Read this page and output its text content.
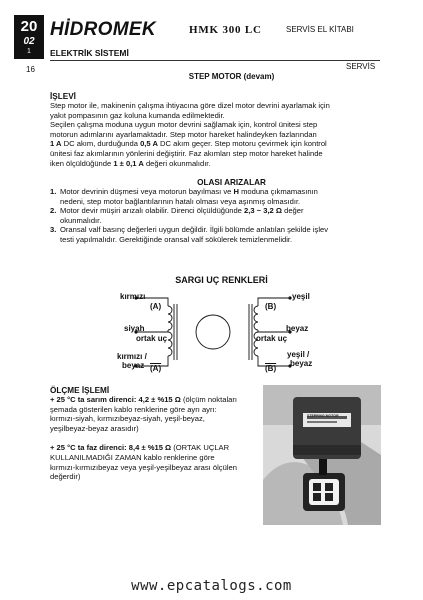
20
02
1
HİDROMEK	HMK 300 LC	SERVİS EL KİTABI
ELEKTRİK SİSTEMİ
16	SERVİS
STEP MOTOR (devam)
İŞLEVİ
Step motor ile, makinenin çalışma ihtiyacına göre dizel motor devrini ayarlamak için
yakıt pompasının gaz koluna kumanda edilmektedir.
Seçilen çalışma moduna uygun motor devrini sağlamak için, kontrol ünitesi step
motorun adımlarını ayarlamaktadır. Step motor hareket halindeyken fazlarından
1 A DC akım, durduğunda 0,5 A DC akım geçer. Step motoru çevirmek için kontrol
ünitesi faz akımlarının yönlerini değiştirir. Faz akımları step motor hareket halinde
iken ölçüldüğünde 1 ± 0,1 A değeri okunmalıdır.
OLASI ARIZALAR
1. Motor devrinin düşmesi veya motorun bayılması ve H moduna çıkmamasının
nedeni, step motor bağlantılarının hatalı olması veya aşınmış olmasıdır.
2. Motor devir müşiri arızalı olabilir. Direnci ölçüldüğünde 2,3 ~ 3,2 Ω değer
okunmalıdır.
3. Oransal valf basınç değerleri uygun değildir. İlgili bölümde anlatılan şekilde işlev
testi yapılmalıdır. Gerektiğinde oransal valf sökülerek temizlenmelidir.
SARGI UÇ RENKLERİ
kırmızı
(A)
siyah
ortak uç
kırmızı /
beyaz (A)
yeşil
(B)
beyaz
ortak uç
yeşil /
beyaz
(B)
ÖLÇME İŞLEMİ
+ 25 °C ta sarım direnci: 4,2 ± %15 Ω (ölçüm noktaları
şemada gösterilen kablo renklerine göre ayrı ayrı:
kırmızı-siyah, kırmızıbeyaz-siyah, yeşil-beyaz,
yeşilbeyaz-beyaz arasıdır)
+ 25 °C ta faz direnci: 8,4 ± %15 Ω (ORTAK UÇLAR
KULLANILMADIĞI ZAMAN kablo renklerine göre
kırmızı-kırmızıbeyaz veya yeşil-yeşilbeyaz arası ölçülen
değerdir)
STEPPING MOTOR
www.epcatalogs.com
